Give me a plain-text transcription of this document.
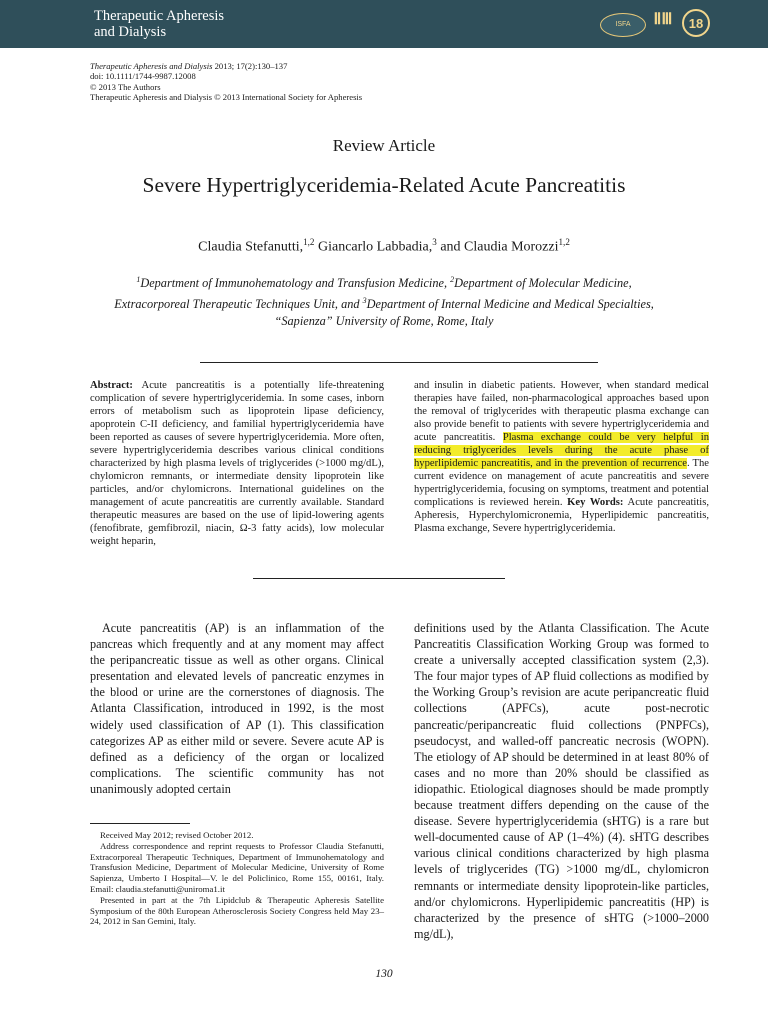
Therapeutic Apheresis
and Dialysis	ISFA	ⅡⅢ 18
Therapeutic Apheresis and Dialysis 2013; 17(2):130–137
doi: 10.1111/1744-9987.12008
© 2013 The Authors
Therapeutic Apheresis and Dialysis © 2013 International Society for Apheresis
Review Article
Severe Hypertriglyceridemia-Related Acute Pancreatitis
Claudia Stefanutti,$^{1,2}$ Giancarlo Labbadia,$^3$ and Claudia Morozzi$^{1,2}$
$^1$Department of Immunohematology and Transfusion Medicine, $^2$Department of Molecular Medicine,
Extracorporeal Therapeutic Techniques Unit, and $^3$Department of Internal Medicine and Medical Specialties,
“Sapienza” University of Rome, Rome, Italy
Abstract: Acute pancreatitis is a potentially life-threatening complication of severe hypertriglyceridemia. In some cases, inborn errors of metabolism such as lipoprotein lipase deficiency, apoprotein C-II deficiency, and familial hypertriglyceridemia have been reported as causes of severe hypertriglyceridemia. More often, severe hypertriglyceridemia describes various clinical conditions characterized by high plasma levels of triglycerides (>1000 mg/dL), chylomicron remnants, or intermediate density lipoprotein like particles, and/or chylomicrons. International guidelines on the management of acute pancreatitis are currently available. Standard therapeutic measures are based on the use of lipid-lowering agents (fenofibrate, gemfibrozil, niacin, Ω-3 fatty acids), low molecular weight heparin,
and insulin in diabetic patients. However, when standard medical therapies have failed, non-pharmacological approaches based upon the removal of triglycerides with therapeutic plasma exchange can also provide benefit to patients with severe hypertriglyceridemia and acute pancreatitis. Plasma exchange could be very helpful in reducing triglycerides levels during the acute phase of hyperlipidemic pancreatitis, and in the prevention of recurrence. The current evidence on management of acute pancreatitis and severe hypertriglyceridemia, focusing on symptoms, treatment and potential complications is reviewed herein. Key Words: Acute pancreatitis, Apheresis, Hyperchylomicronemia, Hyperlipidemic pancreatitis, Plasma exchange, Severe hypertriglyceridemia.
Acute pancreatitis (AP) is an inflammation of the pancreas which frequently and at any moment may affect the peripancreatic tissue as well as other organs. Clinical presentation and elevated levels of pancreatic enzymes in the blood or urine are the cornerstones of diagnosis. The Atlanta Classification, introduced in 1992, is the most widely used classification of AP (1). This classification categorizes AP as either mild or severe. Severe acute AP is defined as a deficiency of the organ or localized complications. The scientific community has not unanimously adopted certain
definitions used by the Atlanta Classification. The Acute Pancreatitis Classification Working Group was formed to create a universally accepted classification system (2,3). The four major types of AP fluid collections as modified by the Working Group’s revision are acute peripancreatic fluid collections (APFCs), acute post-necrotic pancreatic/peripancreatic fluid collections (PNPFCs), pseudocyst, and walled-off pancreatic necrosis (WOPN). The etiology of AP should be determined in at least 80% of cases and no more than 20% should be classified as idiopathic. Etiological diagnoses should be made promptly because treatment differs depending on the cause of the disease. Severe hypertriglyceridemia (sHTG) is a rare but well-documented cause of AP (1–4%) (4). sHTG describes various clinical conditions characterized by high plasma levels of triglycerides (TG) >1000 mg/dL, chylomicron remnants or intermediate density lipoprotein-like particles, and/or chylomicrons. Hyperlipidemic pancreatitis (HP) is characterized by the presence of sHTG (>1000–2000 mg/dL),

Received May 2012; revised October 2012.

Address correspondence and reprint requests to Professor Claudia Stefanutti, Extracorporeal Therapeutic Techniques, Department of Immunohematology and Transfusion Medicine, Department of Molecular Medicine, University of Rome Sapienza, Umberto I Hospital—V. le del Policlinico, Rome 155, 00161, Italy. Email: claudia.stefanutti@uniroma1.it

Presented in part at the 7th Lipidclub & Therapeutic Apheresis Satellite Symposium of the 80th European Atherosclerosis Society Congress held May 23–24, 2012 in San Gemini, Italy.

130
